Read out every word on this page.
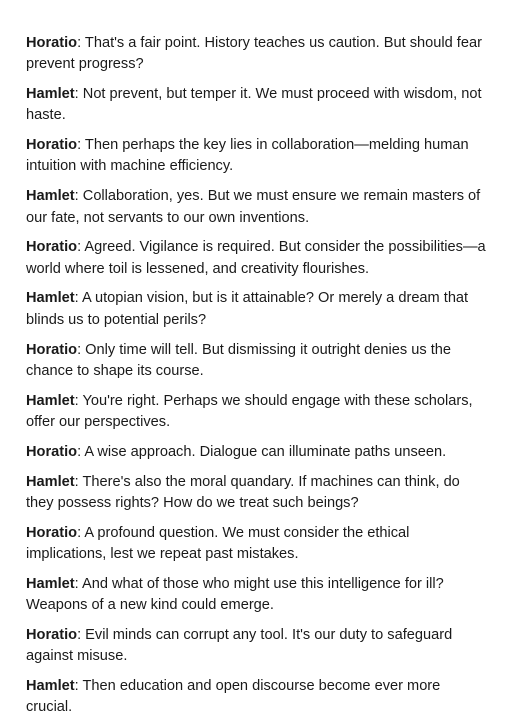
Horatio: That's a fair point. History teaches us caution. But should fear prevent progress?

Hamlet: Not prevent, but temper it. We must proceed with wisdom, not haste.

Horatio: Then perhaps the key lies in collaboration—melding human intuition with machine efficiency.

Hamlet: Collaboration, yes. But we must ensure we remain masters of our fate, not servants to our own inventions.

Horatio: Agreed. Vigilance is required. But consider the possibilities—a world where toil is lessened, and creativity flourishes.

Hamlet: A utopian vision, but is it attainable? Or merely a dream that blinds us to potential perils?

Horatio: Only time will tell. But dismissing it outright denies us the chance to shape its course.

Hamlet: You're right. Perhaps we should engage with these scholars, offer our perspectives.

Horatio: A wise approach. Dialogue can illuminate paths unseen.

Hamlet: There's also the moral quandary. If machines can think, do they possess rights? How do we treat such beings?

Horatio: A profound question. We must consider the ethical implications, lest we repeat past mistakes.

Hamlet: And what of those who might use this intelligence for ill? Weapons of a new kind could emerge.

Horatio: Evil minds can corrupt any tool. It's our duty to safeguard against misuse.

Hamlet: Then education and open discourse become ever more crucial.
